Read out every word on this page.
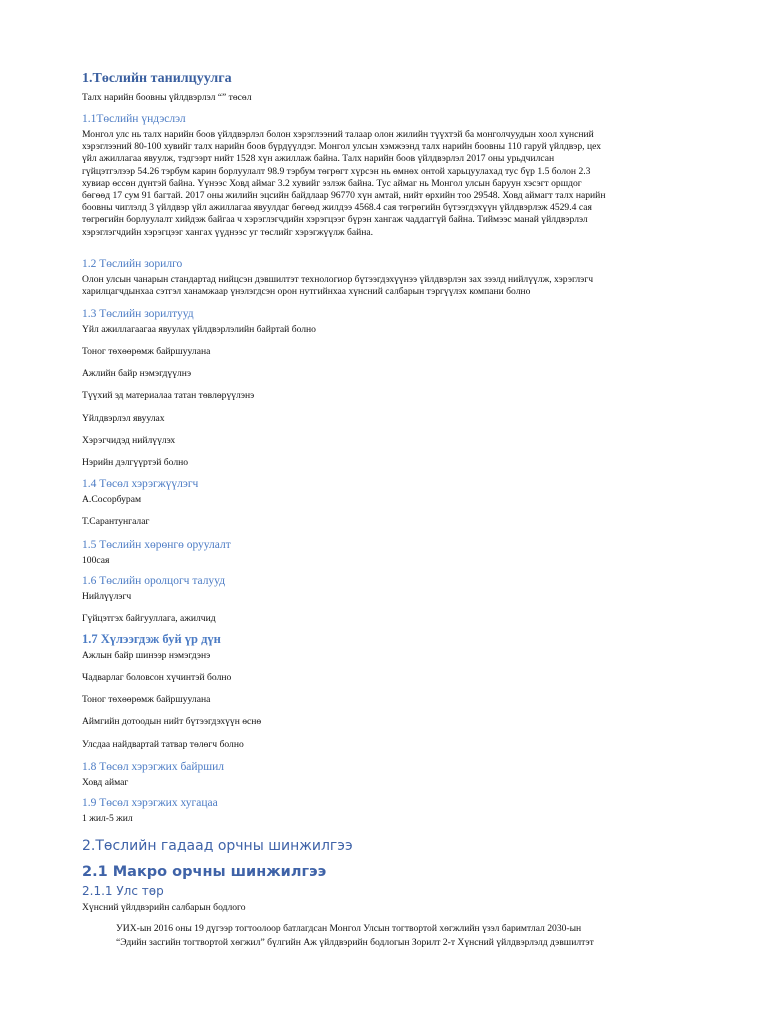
1.Төслийн танилцуулга
Талх нарийн боовны үйлдвэрлэл “” төсөл
1.1Төслийн үндэслэл
Монгол улс нь талх нарийн боов үйлдвэрлэл болон хэрэглээний талаар олон жилийн түүхтэй ба монголчуудын хоол хүнсний
хэрэглээний 80-100 хувийг талх нарийн боов бүрдүүлдэг. Монгол улсын хэмжээнд талх нарийн боовны 110 гаруй үйлдвэр, цех
үйл ажиллагаа явуулж, тэдгээрт нийт 1528 хүн ажиллаж байна. Талх нарийн боов үйлдвэрлэл 2017 оны урьдчилсан
гүйцэтгэлээр 54.26 тэрбум карин борлуулалт 98.9 тэрбум төгрөгт хүрсэн нь өмнөх онтой харьцуулахад тус бүр 1.5 болон 2.3
хувиар өссөн дүнтэй байна. Үүнээс Ховд аймаг 3.2 хувийг эзлэж байна. Тус аймаг нь Монгол улсын баруун хэсэгт оршдог
бөгөөд 17 сум 91 багтай. 2017 оны жилийн эцсийн байдлаар 96770 хүн амтай, нийт өрхийн тоо 29548. Ховд аймагт талх нарийн
боовны чиглэлд 3 үйлдвэр үйл ажиллагаа явуулдаг бөгөөд жилдээ 4568.4 сая төгрөгийн бүтээгдэхүүн үйлдвэрлэж 4529.4 сая
төгрөгийн борлуулалт хийдэж байгаа ч хэрэглэгчдийн хэрэгцээг бүрэн хангаж чаддаггүй байна. Тиймээс манай үйлдвэрлэл
хэрэглэгчдийн хэрэгцээг хангах үүднээс уг төслийг хэрэгжүүлж байна.
1.2 Төслийн зорилго
Олон улсын чанарын стандартад нийцсэн дэвшилтэт технологиор бүтээгдэхүүнээ үйлдвэрлэн зах зээлд нийлүүлж, хэрэглэгч
харилцагчдынхаа сэтгэл ханамжаар үнэлэгдсэн орон нутгийнхаа хүнсний салбарын тэргүүлэх компани болно
1.3 Төслийн зорилтууд
Үйл ажиллагаагаа явуулах үйлдвэрлэлийн байртай болно
Тоног төхөөрөмж байршуулана
Ажлийн байр нэмэгдүүлнэ
Түүхий эд материалаа татан төвлөрүүлэнэ
Үйлдвэрлэл явуулах
Хэрэгчидэд нийлүүлэх
Нэрийн дэлгүүртэй болно
1.4 Төсөл хэрэгжүүлэгч
А.Сосорбурам
Т.Сарантунгалаг
1.5 Төслийн хөрөнгө оруулалт
100сая
1.6 Төслийн оролцогч талууд
Нийлүүлэгч
Гүйцэтгэх байгууллага, ажилчид
1.7 Хүлээгдэж буй үр дүн
Ажлын байр шинээр нэмэгдэнэ
Чадварлаг боловсон хүчинтэй болно
Тоног төхөөрөмж байршуулана
Аймгийн дотоодын нийт бүтээгдэхүүн өснө
Улсдаа найдвартай татвар төлөгч болно
1.8 Төсөл хэрэгжих байршил
Ховд аймаг
1.9 Төсөл хэрэгжих хугацаа
1 жил-5 жил
2.Төслийн гадаад орчны шинжилгээ
2.1 Макро орчны шинжилгээ
2.1.1 Улс төр
Хүнсний үйлдвэрийн салбарын бодлого
УИХ-ын 2016 оны 19 дүгээр тогтоолоор батлагдсан Монгол Улсын тогтвортой хөгжлийн үзэл баримтлал 2030-ын
“Эдийн засгийн тогтвортой хөгжил” бүлгийн Аж үйлдвэрийн бодлогын Зорилт 2-т Хүнсний үйлдвэрлэлд дэвшилтэт
